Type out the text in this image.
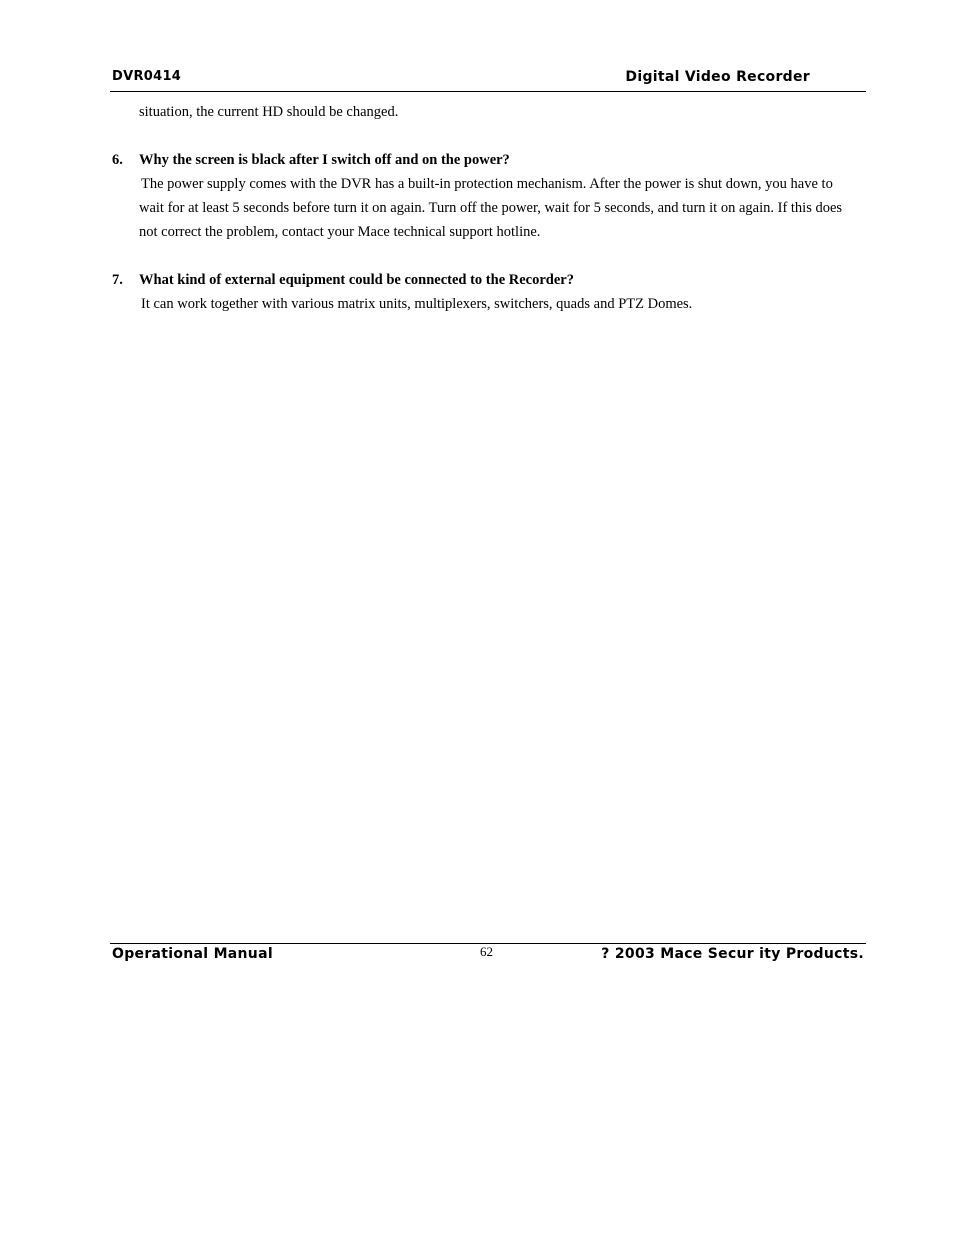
DVR0414	Digital Video Recorder

situation, the current HD should be changed.

6. Why the screen is black after I switch off and on the power?

The power supply comes with the DVR has a built-in protection mechanism. After the power is shut down, you have to wait for at least 5 seconds before turn it on again. Turn off the power, wait for 5 seconds, and turn it on again. If this does not correct the problem, contact your Mace technical support hotline.

7. What kind of external equipment could be connected to the Recorder?

It can work together with various matrix units, multiplexers, switchers, quads and PTZ Domes.

Operational Manual	62	? 2003 Mace Secur ity Products.
